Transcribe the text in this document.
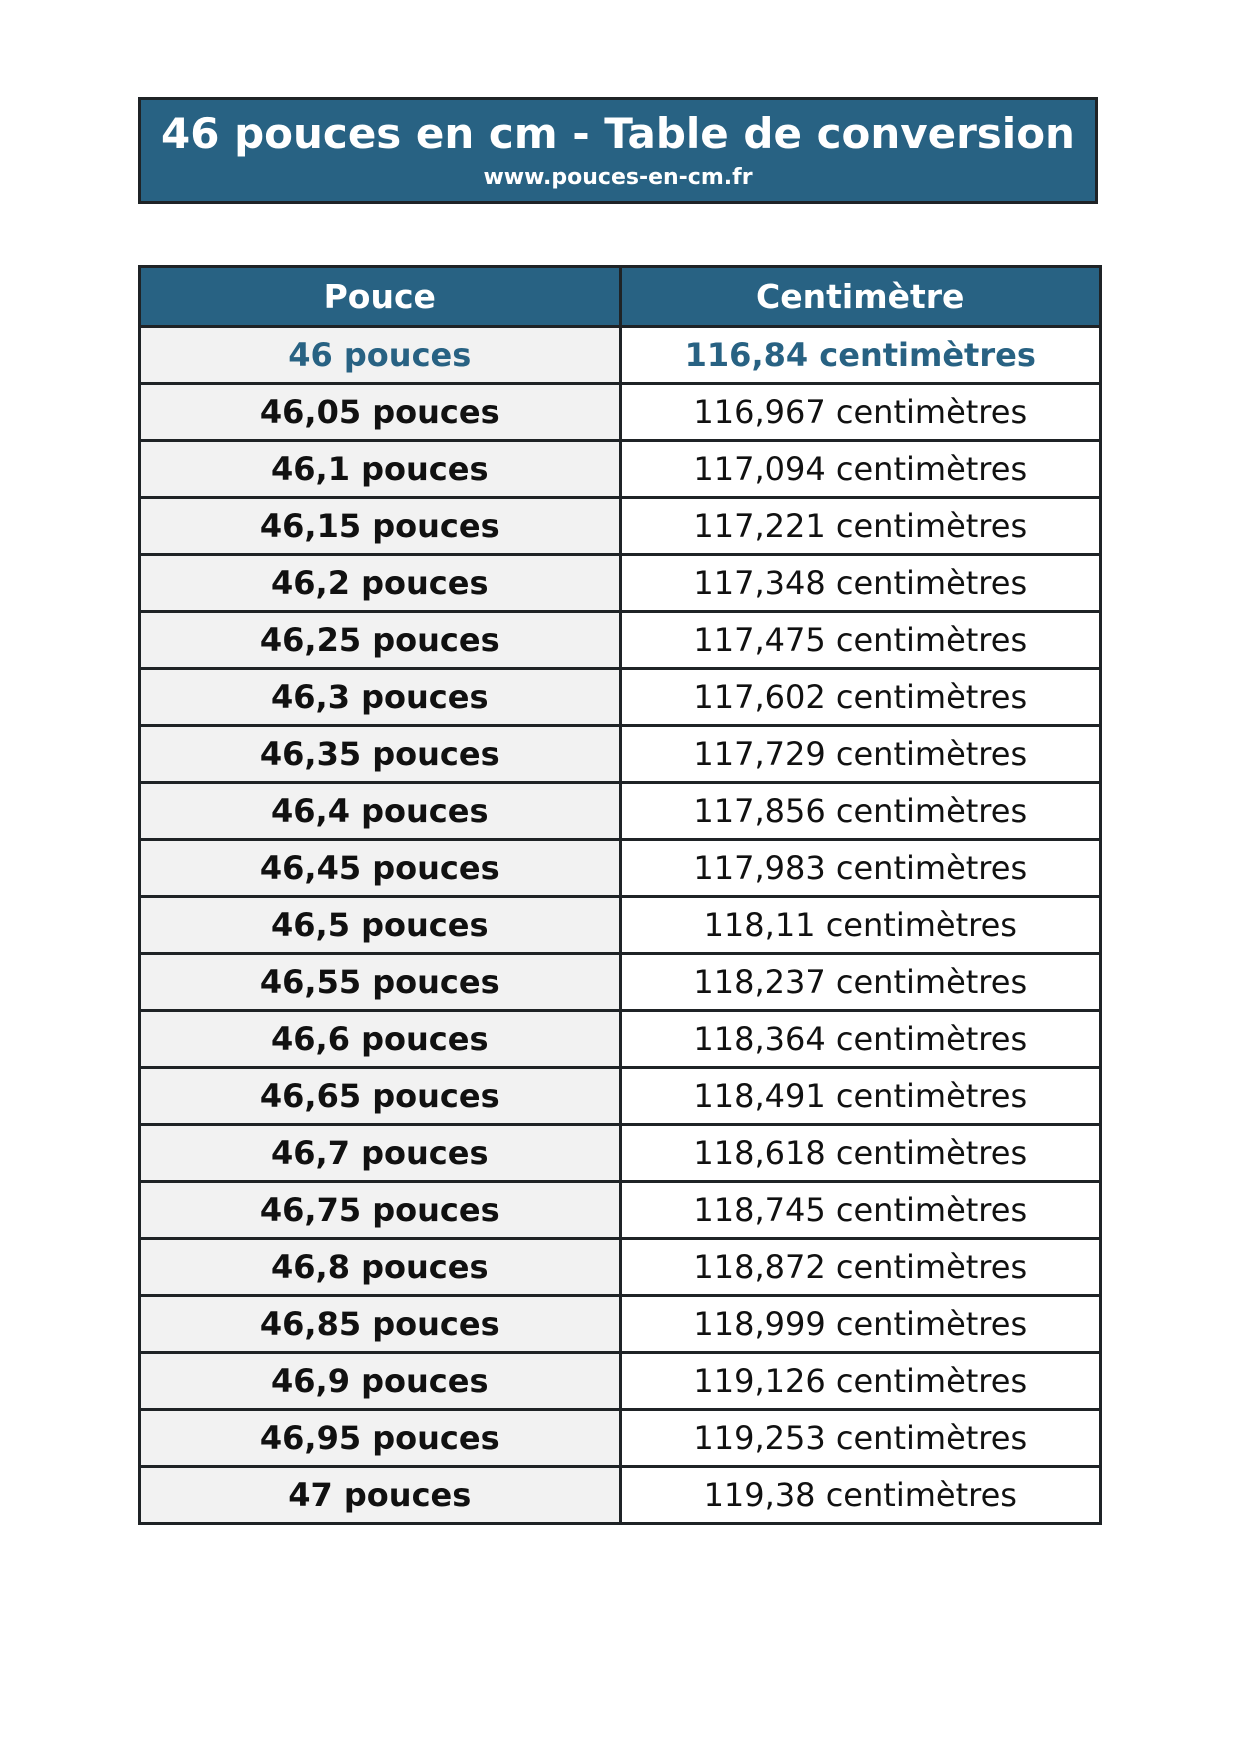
46 pouces en cm - Table de conversion
www.pouces-en-cm.fr
Pouce	Centimètre
46 pouces	116,84 centimètres
46,05 pouces	116,967 centimètres
46,1 pouces	117,094 centimètres
46,15 pouces	117,221 centimètres
46,2 pouces	117,348 centimètres
46,25 pouces	117,475 centimètres
46,3 pouces	117,602 centimètres
46,35 pouces	117,729 centimètres
46,4 pouces	117,856 centimètres
46,45 pouces	117,983 centimètres
46,5 pouces	118,11 centimètres
46,55 pouces	118,237 centimètres
46,6 pouces	118,364 centimètres
46,65 pouces	118,491 centimètres
46,7 pouces	118,618 centimètres
46,75 pouces	118,745 centimètres
46,8 pouces	118,872 centimètres
46,85 pouces	118,999 centimètres
46,9 pouces	119,126 centimètres
46,95 pouces	119,253 centimètres
47 pouces	119,38 centimètres
